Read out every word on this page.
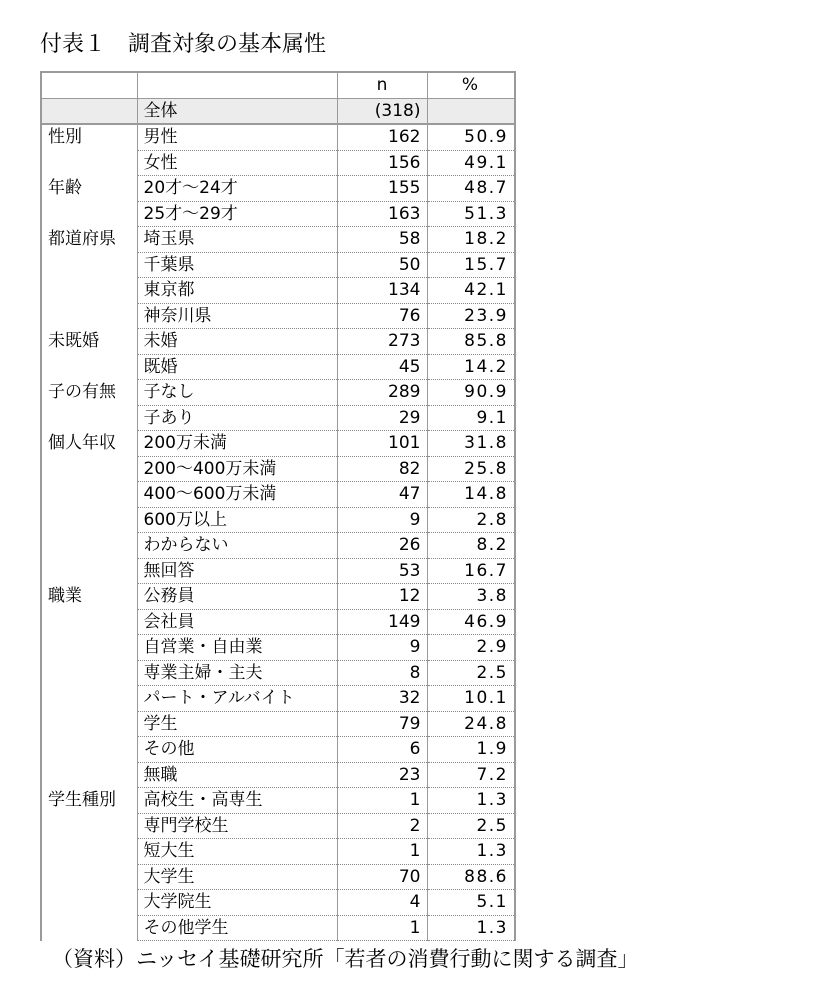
付表１　調査対象の基本属性
		n	%
	全体	(318)	
性別	男性	162	50.9
	女性	156	49.1
年齢	20才～24才	155	48.7
	25才～29才	163	51.3
都道府県	埼玉県	58	18.2
	千葉県	50	15.7
	東京都	134	42.1
	神奈川県	76	23.9
未既婚	未婚	273	85.8
	既婚	45	14.2
子の有無	子なし	289	90.9
	子あり	29	9.1
個人年収	200万未満	101	31.8
	200～400万未満	82	25.8
	400～600万未満	47	14.8
	600万以上	9	2.8
	わからない	26	8.2
	無回答	53	16.7
職業	公務員	12	3.8
	会社員	149	46.9
	自営業・自由業	9	2.9
	専業主婦・主夫	8	2.5
	パート・アルバイト	32	10.1
	学生	79	24.8
	その他	6	1.9
	無職	23	7.2
学生種別	高校生・高専生	1	1.3
	専門学校生	2	2.5
	短大生	1	1.3
	大学生	70	88.6
	大学院生	4	5.1
	その他学生	1	1.3
（資料）ニッセイ基礎研究所「若者の消費行動に関する調査」
